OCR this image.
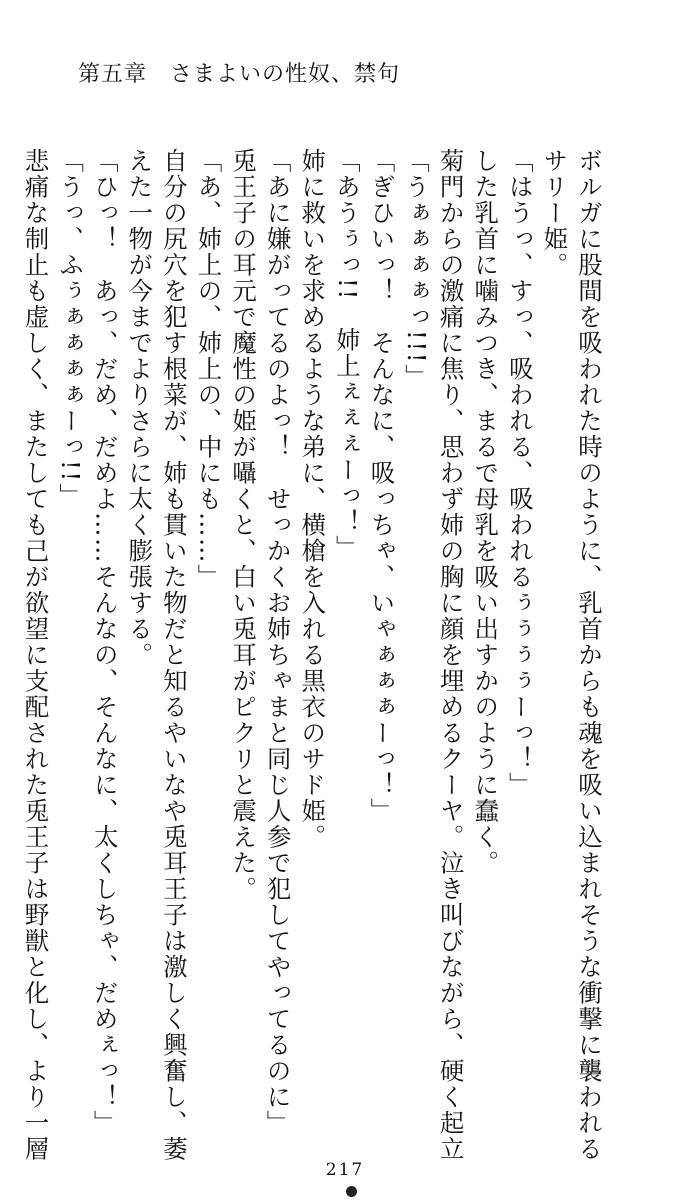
第五章　さまよいの性奴、禁句

ボルガに股間を吸われた時のように、乳首からも魂を吸い込まれそうな衝撃に襲われる

サリー姫。

「はうっ、すっ、吸われる、吸われるぅぅぅぅーっ！」

した乳首に噛みつき、まるで母乳を吸い出すかのように蠢く。

菊門からの激痛に焦り、思わず姉の胸に顔を埋めるクーヤ。泣き叫びながら、硬く起立

「うぁぁぁぁっ!!!」

「ぎひいっ！　そんなに、吸っちゃ、いゃぁぁぁーっ！」

「あうぅっ!!　姉上ぇぇぇーっ！」

姉に救いを求めるような弟に、横槍を入れる黒衣のサド姫。

「あに嫌がってるのよっ！　せっかくお姉ちゃまと同じ人参で犯してやってるのに」

兎王子の耳元で魔性の姫が囁くと、白い兎耳がピクリと震えた。

「あ、姉上の、姉上の、中にも……」

自分の尻穴を犯す根菜が、姉も貫いた物だと知るやいなや兎耳王子は激しく興奮し、萎

えた一物が今までよりさらに太く膨張する。

「ひっ！　あっ、だめ、だめよ……そんなの、そんなに、太くしちゃ、だめぇっ！」

「うっ、ふぅぁぁぁぁーっ!!」

悲痛な制止も虚しく、またしても己が欲望に支配された兎王子は野獣と化し、より一層

217
